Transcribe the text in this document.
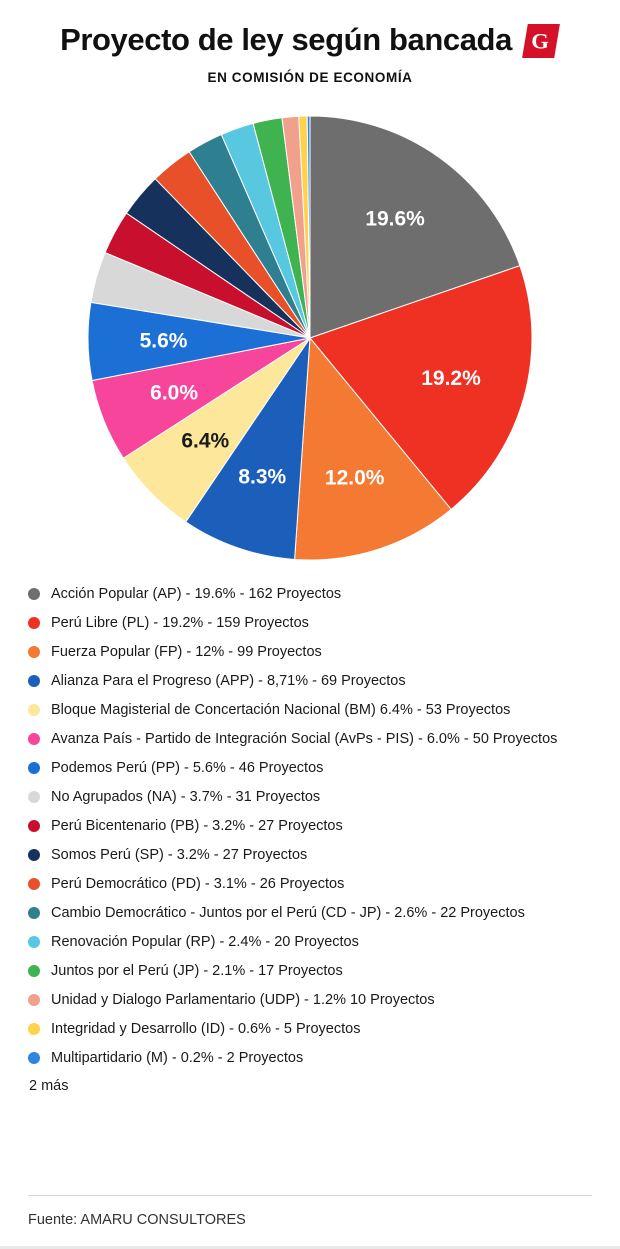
Proyecto de ley según bancada G
EN COMISIÓN DE ECONOMÍA
19.6%
19.2%
12.0%
8.3%
6.4%
6.0%
5.6%
Acción Popular (AP) - 19.6% - 162 Proyectos
Perú Libre (PL) - 19.2% - 159 Proyectos
Fuerza Popular (FP) - 12% - 99 Proyectos
Alianza Para el Progreso (APP) - 8,71% - 69 Proyectos
Bloque Magisterial de Concertación Nacional (BM) 6.4% - 53 Proyectos
Avanza País - Partido de Integración Social (AvPs - PIS) - 6.0% - 50 Proyectos
Podemos Perú (PP) - 5.6% - 46 Proyectos
No Agrupados (NA) - 3.7% - 31 Proyectos
Perú Bicentenario (PB) - 3.2% - 27 Proyectos
Somos Perú (SP) - 3.2% - 27 Proyectos
Perú Democrático (PD) - 3.1% - 26 Proyectos
Cambio Democrático - Juntos por el Perú (CD - JP) - 2.6% - 22 Proyectos
Renovación Popular (RP) - 2.4% - 20 Proyectos
Juntos por el Perú (JP) - 2.1% - 17 Proyectos
Unidad y Dialogo Parlamentario (UDP) - 1.2% 10 Proyectos
Integridad y Desarrollo (ID) - 0.6% - 5 Proyectos
Multipartidario (M) - 0.2% - 2 Proyectos
2 más
Fuente: AMARU CONSULTORES
